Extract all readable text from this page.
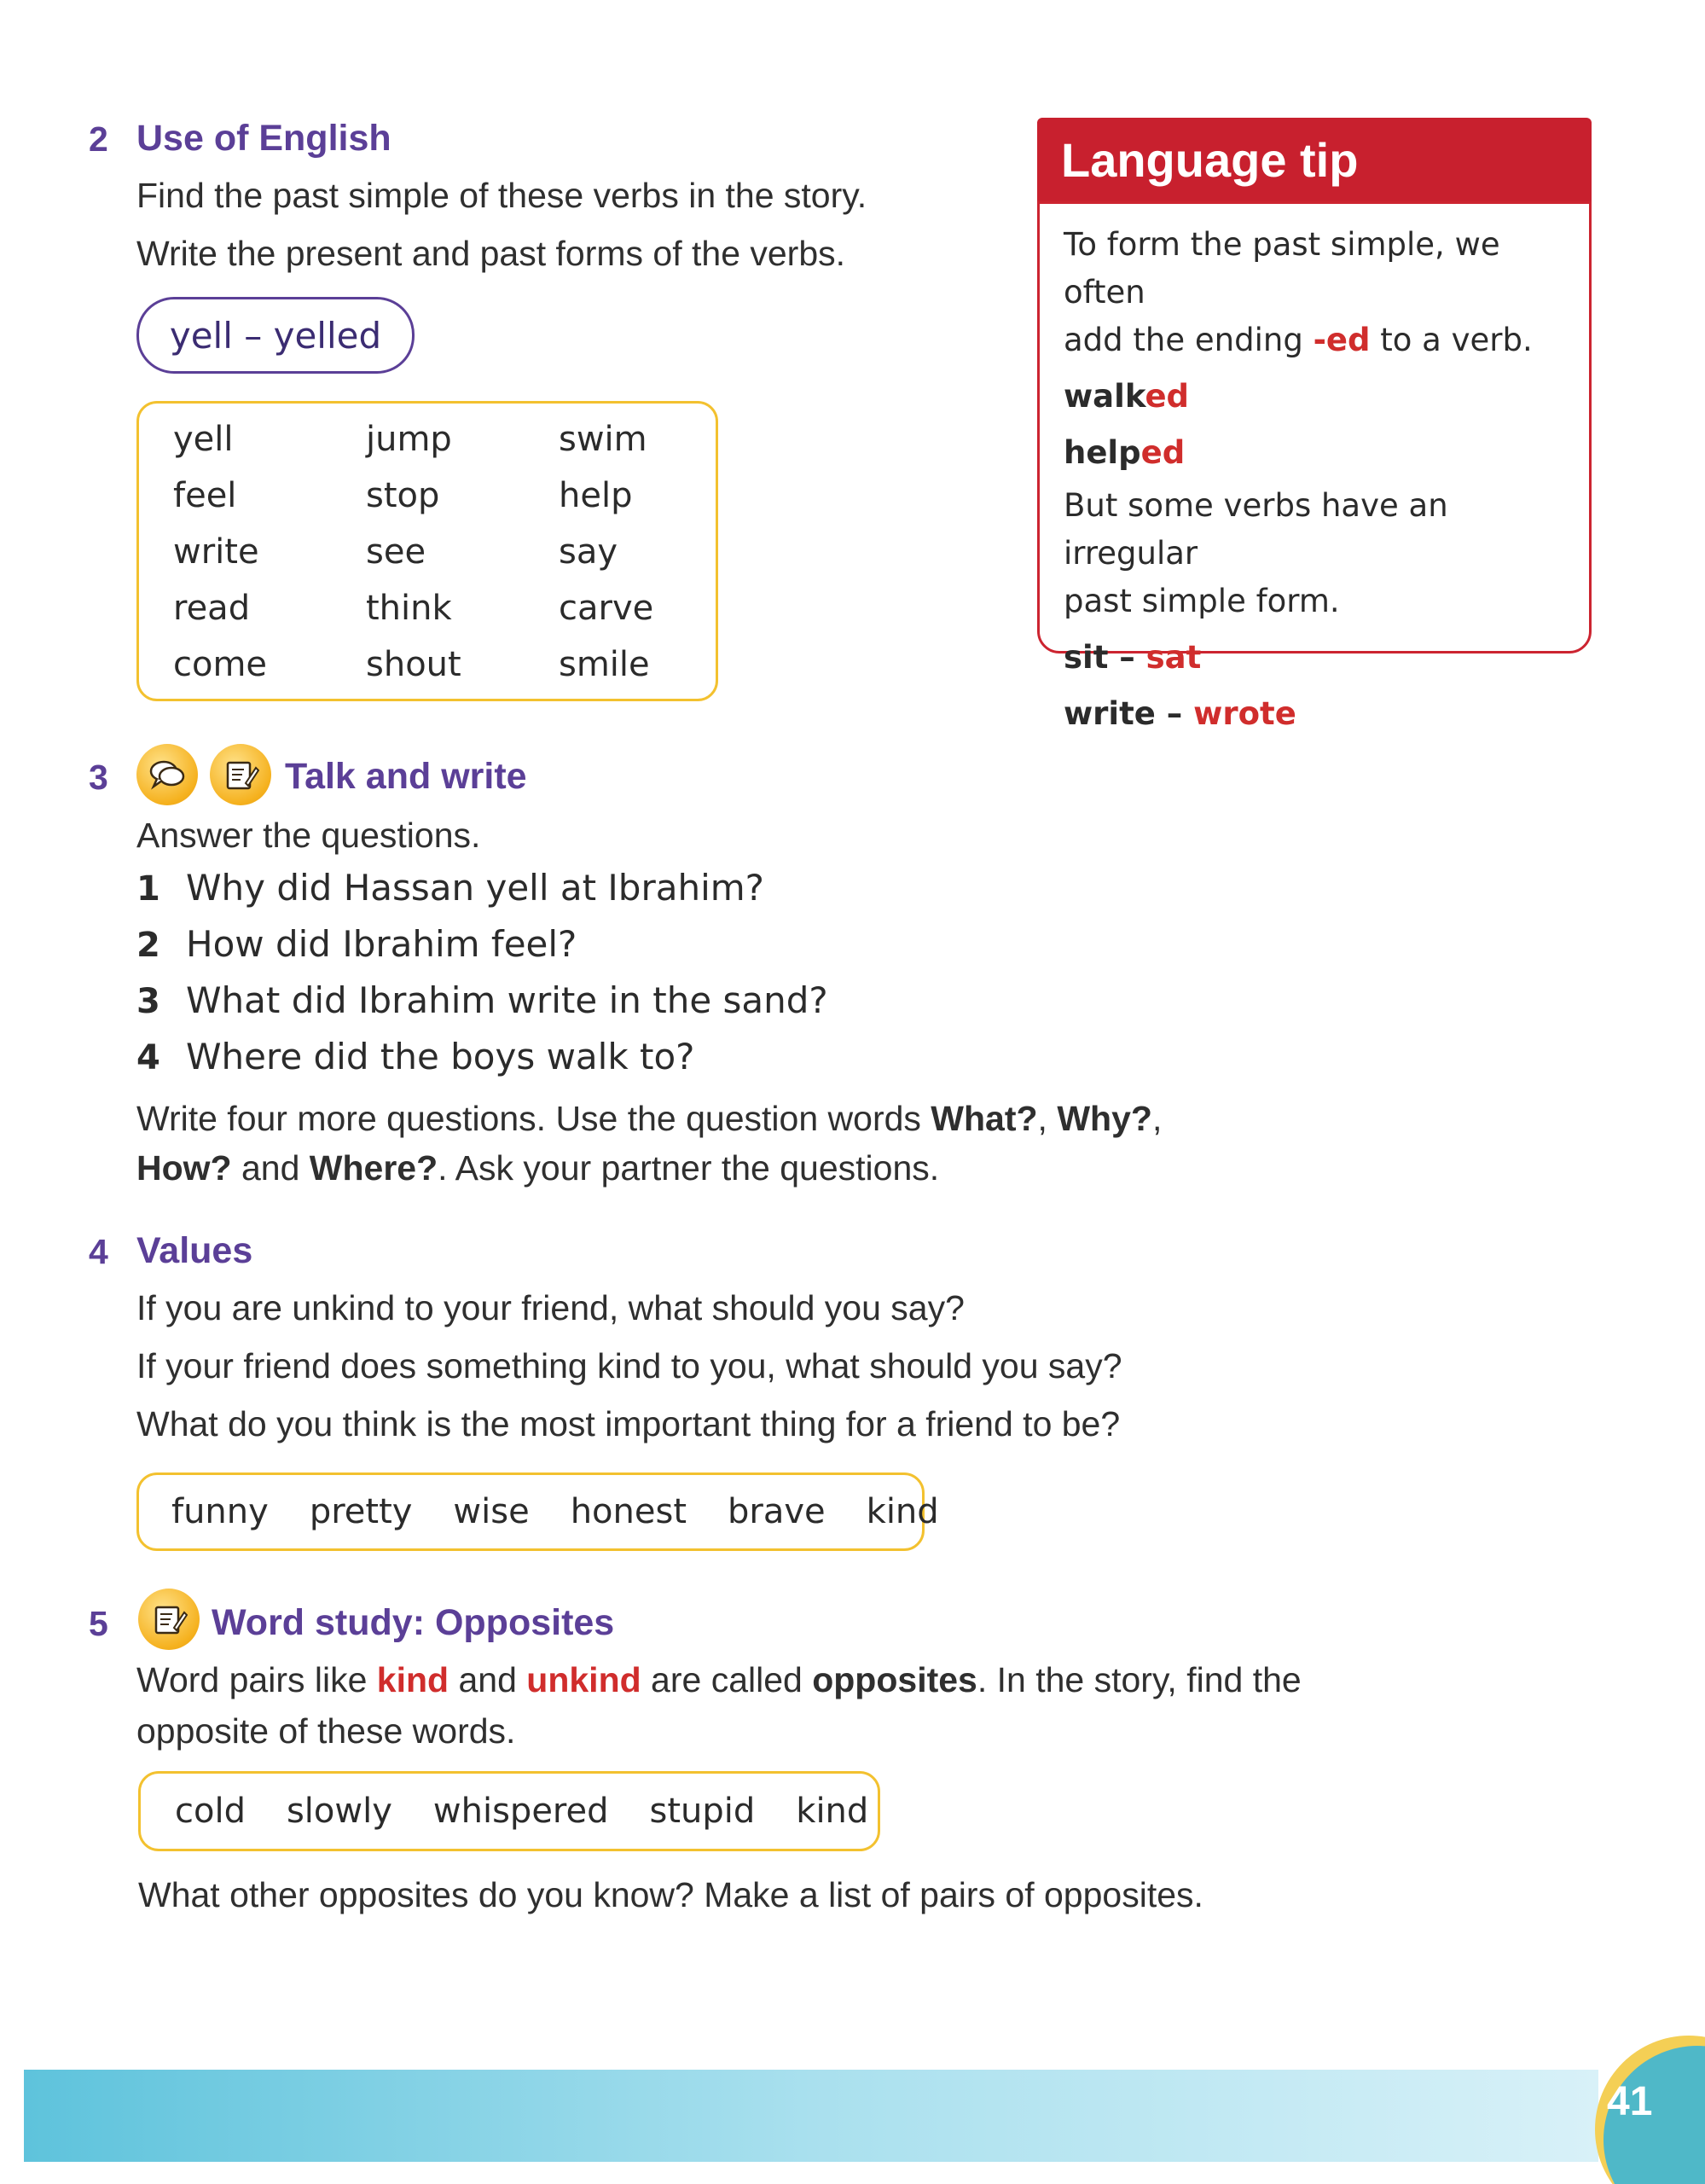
2 Use of English
Find the past simple of these verbs in the story.
Write the present and past forms of the verbs.
yell – yelled
yell	jump	swim
feel	stop	help
write	see	say
read	think	carve
come	shout	smile
Language tip
To form the past simple, we often
add the ending -ed to a verb.
walked
helped
But some verbs have an irregular
past simple form.
sit – sat
write – wrote
3	Talk and write
Answer the questions.
1 Why did Hassan yell at Ibrahim?
2 How did Ibrahim feel?
3 What did Ibrahim write in the sand?
4 Where did the boys walk to?
Write four more questions. Use the question words What?, Why?,
How? and Where?. Ask your partner the questions.
4 Values
If you are unkind to your friend, what should you say?
If your friend does something kind to you, what should you say?
What do you think is the most important thing for a friend to be?
funny pretty wise honest brave kind
5	Word study: Opposites
Word pairs like kind and unkind are called opposites. In the story, find the
opposite of these words.
cold slowly whispered stupid kind
What other opposites do you know? Make a list of pairs of opposites.
41
